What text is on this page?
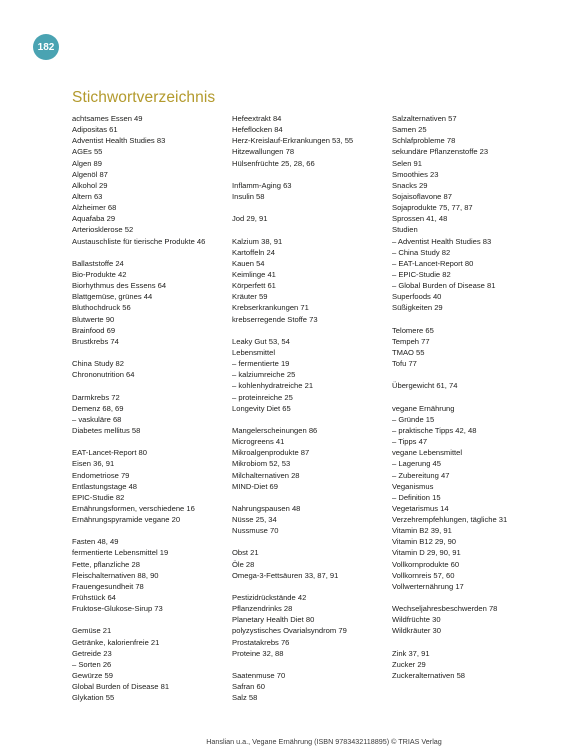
182
Stichwortverzeichnis
achtsames Essen 49
Adipositas 61
Adventist Health Studies 83
AGEs 55
Algen 89
Algenöl 87
Alkohol 29
Altern 63
Alzheimer 68
Aquafaba 29
Arteriosklerose 52
Austauschliste für tierische Produkte 46
Ballaststoffe 24
Bio-Produkte 42
Biorhythmus des Essens 64
Blattgemüse, grünes 44
Bluthochdruck 56
Blutwerte 90
Brainfood 69
Brustkrebs 74
China Study 82
Chrononutrition 64
Darmkrebs 72
Demenz 68, 69
– vaskuläre 68
Diabetes mellitus 58
EAT-Lancet-Report 80
Eisen 36, 91
Endometriose 79
Entlastungstage 48
EPIC-Studie 82
Ernährungsformen, verschiedene 16
Ernährungspyramide vegane 20
Fasten 48, 49
fermentierte Lebensmittel 19
Fette, pflanzliche 28
Fleischalternativen 88, 90
Frauengesundheit 78
Frühstück 64
Fruktose-Glukose-Sirup 73
Gemüse 21
Getränke, kalorienfreie 21
Getreide 23
– Sorten 26
Gewürze 59
Global Burden of Disease 81
Glykation 55
Hefeextrakt 84
Hefeflocken 84
Herz-Kreislauf-Erkrankungen 53, 55
Hitzewallungen 78
Hülsenfrüchte 25, 28, 66
Inflamm-Aging 63
Insulin 58
Jod 29, 91
Kalzium 38, 91
Kartoffeln 24
Kauen 54
Keimlinge 41
Körperfett 61
Kräuter 59
Krebserkrankungen 71
krebserregende Stoffe 73
Leaky Gut 53, 54
Lebensmittel
– fermentierte 19
– kalziumreiche 25
– kohlenhydratreiche 21
– proteinreiche 25
Longevity Diet 65
Mangelerscheinungen 86
Microgreens 41
Mikroalgenprodukte 87
Mikrobiom 52, 53
Milchalternativen 28
MIND-Diet 69
Nahrungspausen 48
Nüsse 25, 34
Nussmuse 70
Obst 21
Öle 28
Omega-3-Fettsäuren 33, 87, 91
Pestizidrückstände 42
Pflanzendrinks 28
Planetary Health Diet 80
polyzystisches Ovarialsyndrom 79
Prostatakrebs 76
Proteine 32, 88
Saatenmuse 70
Safran 60
Salz 58
Salzalternativen 57
Samen 25
Schlafprobleme 78
sekundäre Pflanzenstoffe 23
Selen 91
Smoothies 23
Snacks 29
Sojaisoflavone 87
Sojaprodukte 75, 77, 87
Sprossen 41, 48
Studien
– Adventist Health Studies 83
– China Study 82
– EAT-Lancet-Report 80
– EPIC-Studie 82
– Global Burden of Disease 81
Superfoods 40
Süßigkeiten 29
Telomere 65
Tempeh 77
TMAO 55
Tofu 77
Übergewicht 61, 74
vegane Ernährung
– Gründe 15
– praktische Tipps 42, 48
– Tipps 47
vegane Lebensmittel
– Lagerung 45
– Zubereitung 47
Veganismus
– Definition 15
Vegetarismus 14
Verzehrempfehlungen, tägliche 31
Vitamin B2 39, 91
Vitamin B12 29, 90
Vitamin D 29, 90, 91
Vollkornprodukte 60
Vollkornreis 57, 60
Vollwerternährung 17
Wechseljahresbeschwerden 78
Wildfrüchte 30
Wildkräuter 30
Zink 37, 91
Zucker 29
Zuckeralternativen 58
Hanslian u.a., Vegane Ernährung (ISBN 9783432118895) © TRIAS Verlag
